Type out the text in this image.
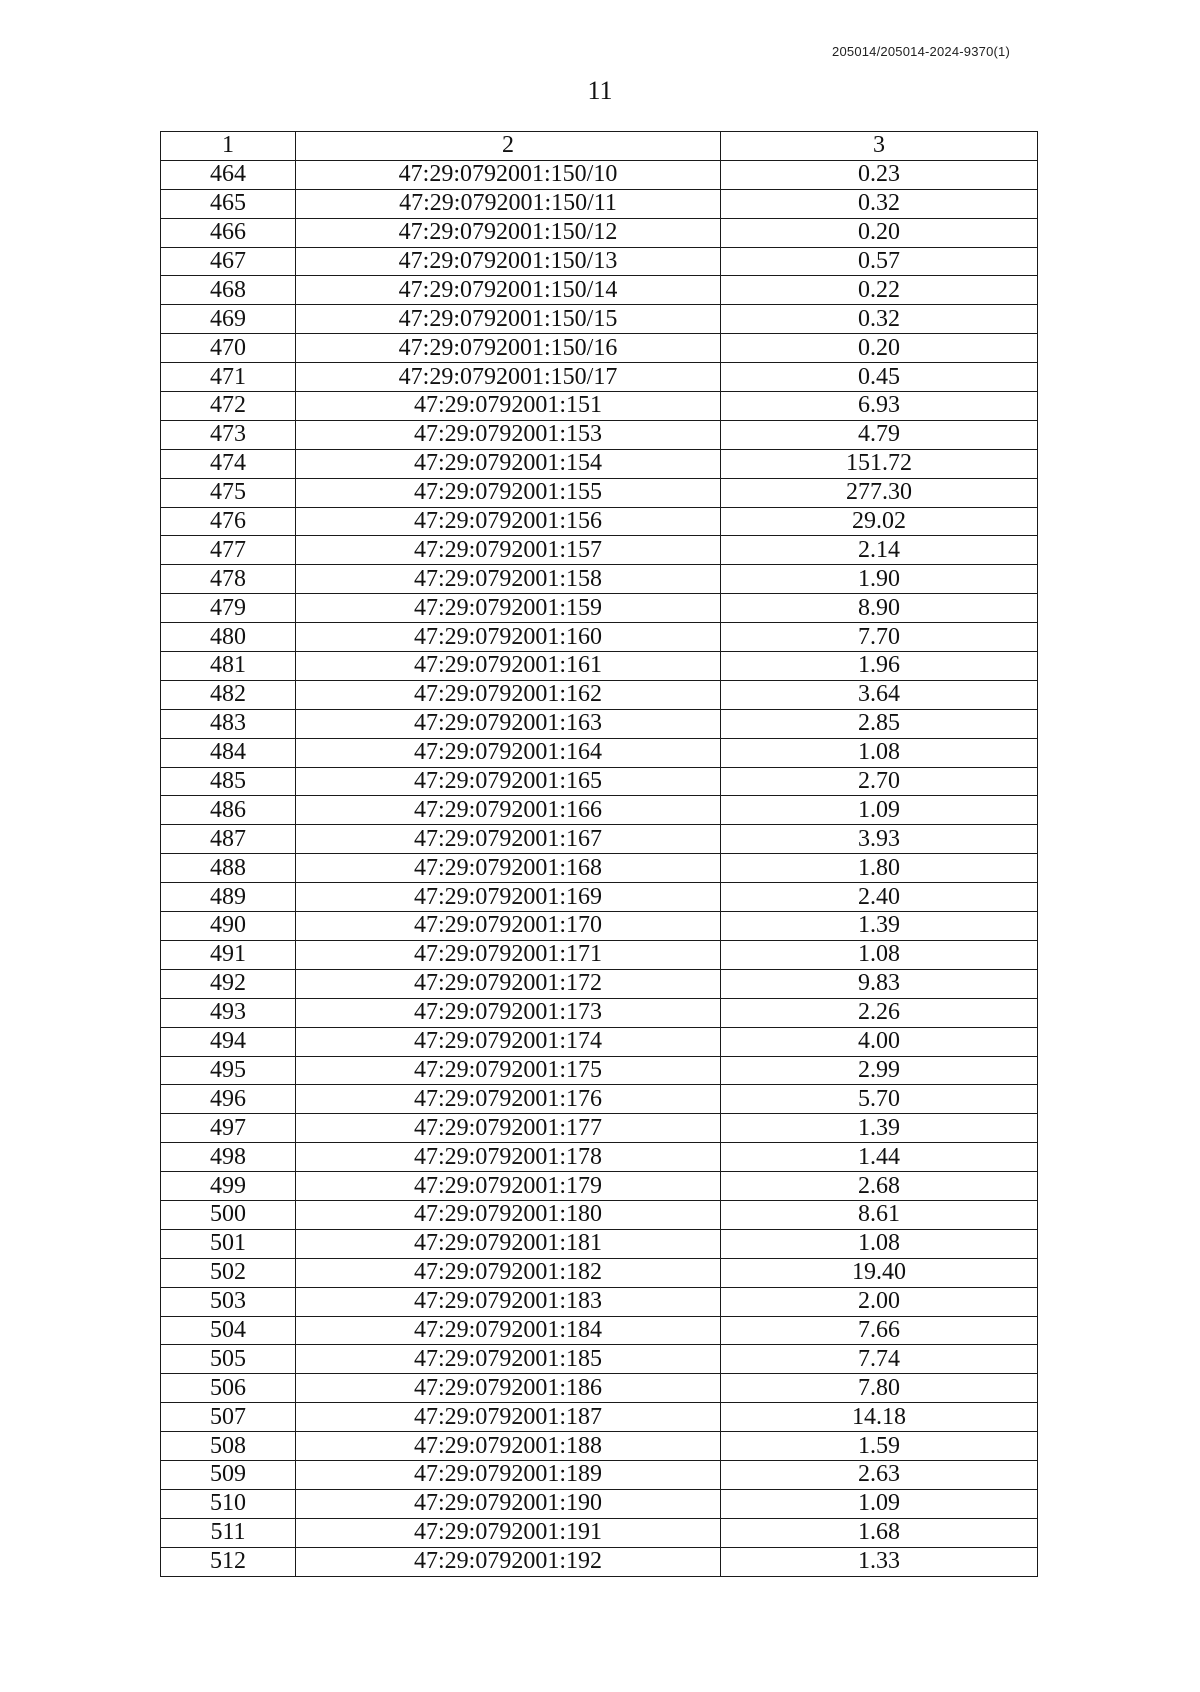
205014/205014-2024-9370(1)
11
1	2	3
464	47:29:0792001:150/10	0.23
465	47:29:0792001:150/11	0.32
466	47:29:0792001:150/12	0.20
467	47:29:0792001:150/13	0.57
468	47:29:0792001:150/14	0.22
469	47:29:0792001:150/15	0.32
470	47:29:0792001:150/16	0.20
471	47:29:0792001:150/17	0.45
472	47:29:0792001:151	6.93
473	47:29:0792001:153	4.79
474	47:29:0792001:154	151.72
475	47:29:0792001:155	277.30
476	47:29:0792001:156	29.02
477	47:29:0792001:157	2.14
478	47:29:0792001:158	1.90
479	47:29:0792001:159	8.90
480	47:29:0792001:160	7.70
481	47:29:0792001:161	1.96
482	47:29:0792001:162	3.64
483	47:29:0792001:163	2.85
484	47:29:0792001:164	1.08
485	47:29:0792001:165	2.70
486	47:29:0792001:166	1.09
487	47:29:0792001:167	3.93
488	47:29:0792001:168	1.80
489	47:29:0792001:169	2.40
490	47:29:0792001:170	1.39
491	47:29:0792001:171	1.08
492	47:29:0792001:172	9.83
493	47:29:0792001:173	2.26
494	47:29:0792001:174	4.00
495	47:29:0792001:175	2.99
496	47:29:0792001:176	5.70
497	47:29:0792001:177	1.39
498	47:29:0792001:178	1.44
499	47:29:0792001:179	2.68
500	47:29:0792001:180	8.61
501	47:29:0792001:181	1.08
502	47:29:0792001:182	19.40
503	47:29:0792001:183	2.00
504	47:29:0792001:184	7.66
505	47:29:0792001:185	7.74
506	47:29:0792001:186	7.80
507	47:29:0792001:187	14.18
508	47:29:0792001:188	1.59
509	47:29:0792001:189	2.63
510	47:29:0792001:190	1.09
511	47:29:0792001:191	1.68
512	47:29:0792001:192	1.33
